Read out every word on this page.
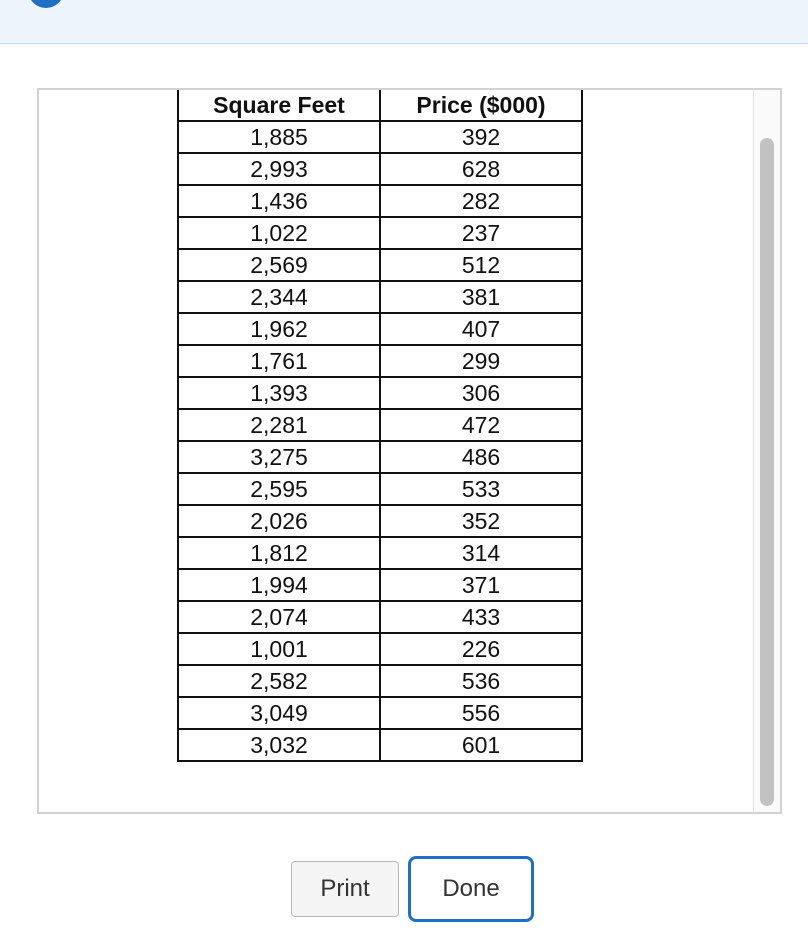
Square Feet	Price ($000)
1,885	392
2,993	628
1,436	282
1,022	237
2,569	512
2,344	381
1,962	407
1,761	299
1,393	306
2,281	472
3,275	486
2,595	533
2,026	352
1,812	314
1,994	371
2,074	433
1,001	226
2,582	536
3,049	556
3,032	601
Print	Done
